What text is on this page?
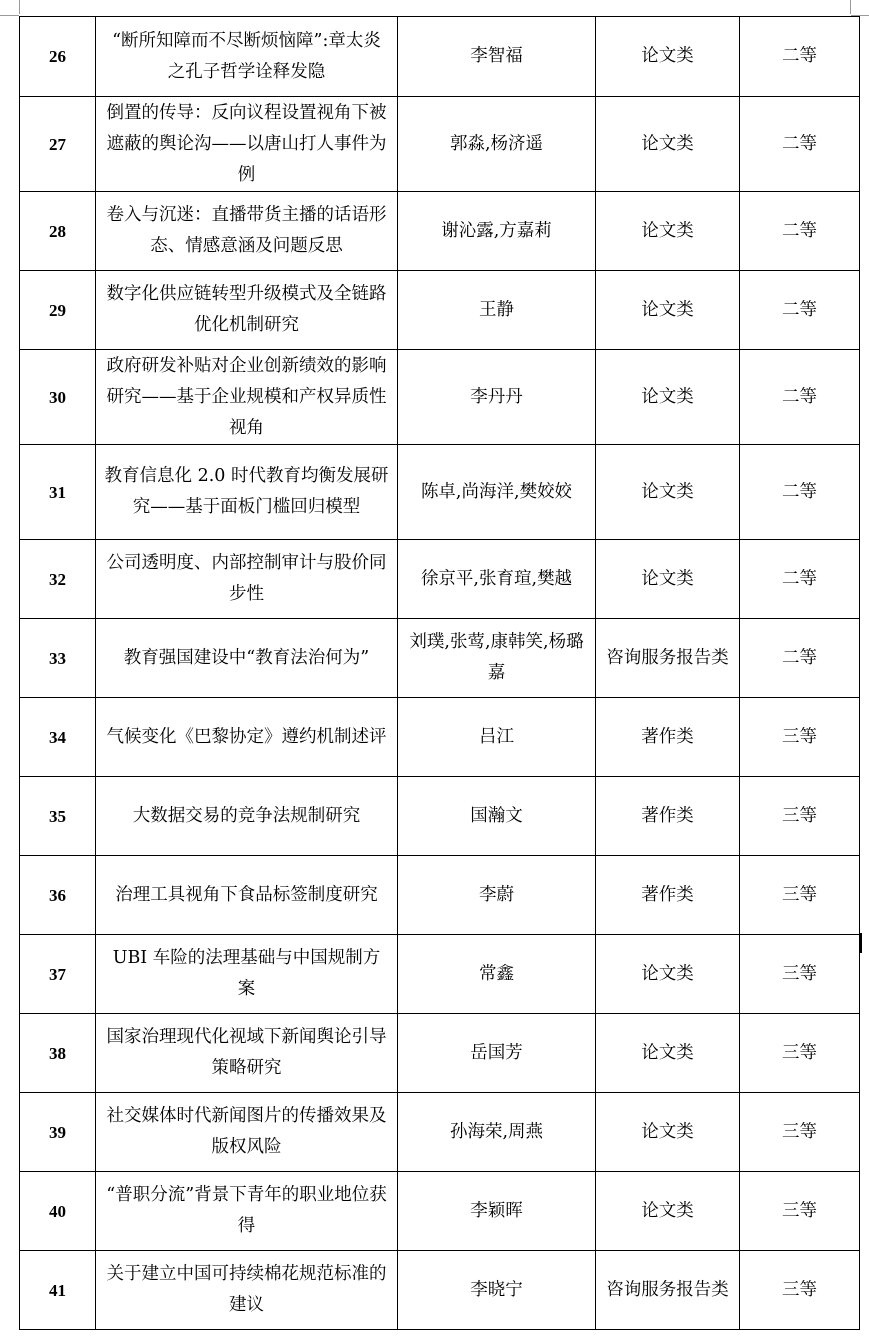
26	“断所知障而不尽断烦恼障”:章太炎之孔子哲学诠释发隐	李智福	论文类	二等
27	倒置的传导：反向议程设置视角下被遮蔽的舆论沟——以唐山打人事件为例	郭淼,杨济遥	论文类	二等
28	卷入与沉迷：直播带货主播的话语形态、情感意涵及问题反思	谢沁露,方嘉莉	论文类	二等
29	数字化供应链转型升级模式及全链路优化机制研究	王静	论文类	二等
30	政府研发补贴对企业创新绩效的影响研究——基于企业规模和产权异质性视角	李丹丹	论文类	二等
31	教育信息化 2.0 时代教育均衡发展研究——基于面板门槛回归模型	陈卓,尚海洋,樊姣姣	论文类	二等
32	公司透明度、内部控制审计与股价同步性	徐京平,张育瑄,樊越	论文类	二等
33	教育强国建设中“教育法治何为”	刘璞,张莺,康韩笑,杨璐嘉	咨询服务报告类	二等
34	气候变化《巴黎协定》遵约机制述评	吕江	著作类	三等
35	大数据交易的竞争法规制研究	国瀚文	著作类	三等
36	治理工具视角下食品标签制度研究	李蔚	著作类	三等
37	UBI 车险的法理基础与中国规制方案	常鑫	论文类	三等
38	国家治理现代化视域下新闻舆论引导策略研究	岳国芳	论文类	三等
39	社交媒体时代新闻图片的传播效果及版权风险	孙海荣,周燕	论文类	三等
40	“普职分流”背景下青年的职业地位获得	李颖晖	论文类	三等
41	关于建立中国可持续棉花规范标准的建议	李晓宁	咨询服务报告类	三等
